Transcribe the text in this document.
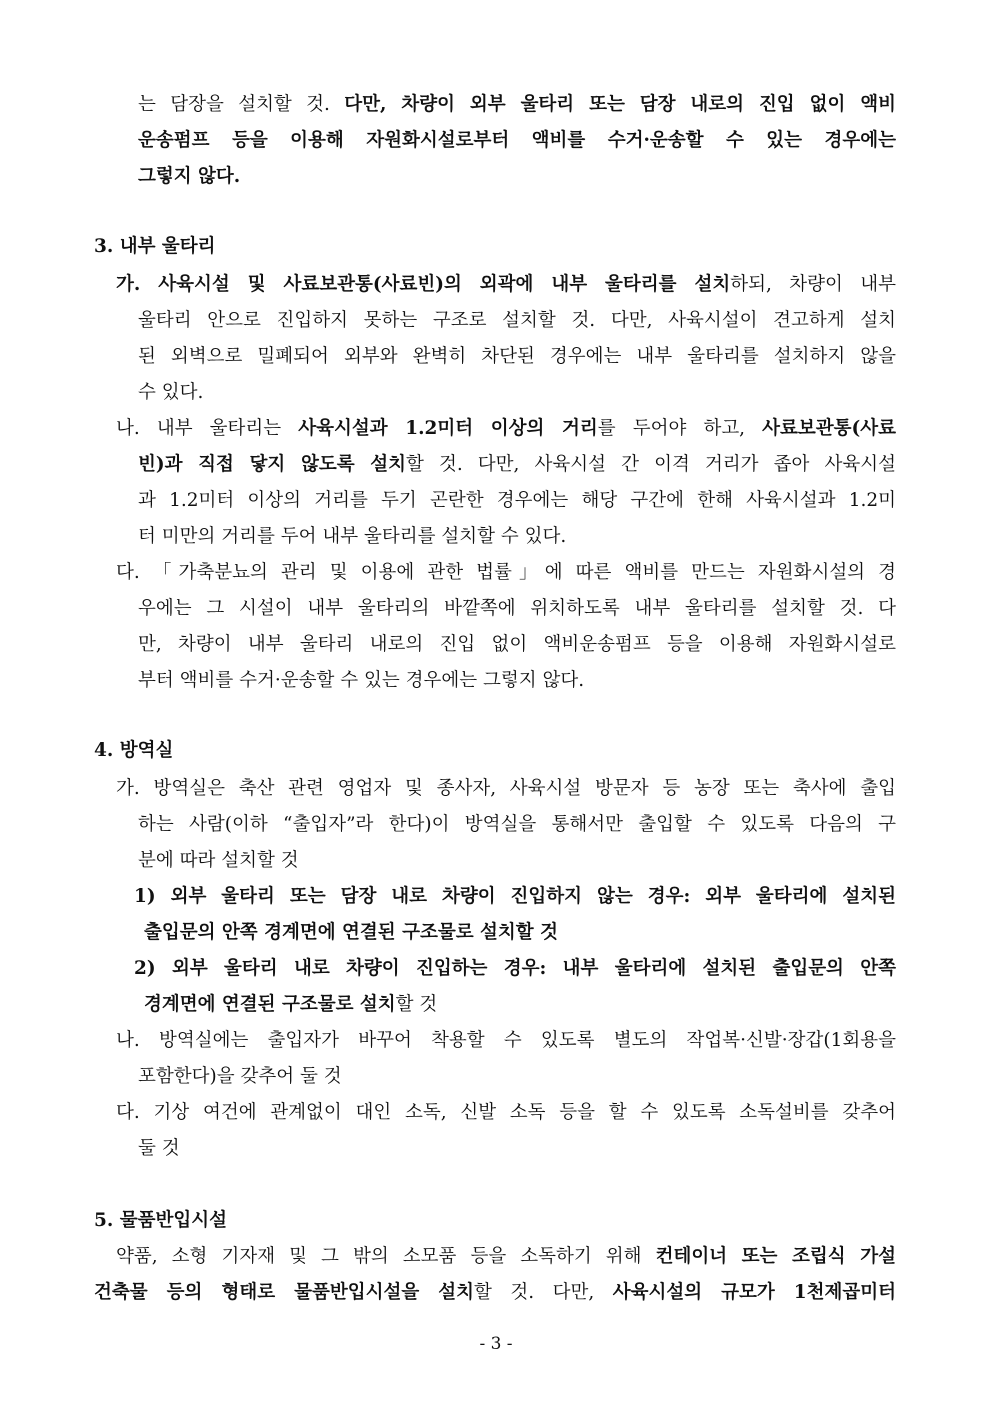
는 담장을 설치할 것. 다만, 차량이 외부 울타리 또는 담장 내로의 진입 없이 액비
운송펌프 등을 이용해 자원화시설로부터 액비를 수거·운송할 수 있는 경우에는
그렇지 않다.
3. 내부 울타리
가. 사육시설 및 사료보관통(사료빈)의 외곽에 내부 울타리를 설치하되, 차량이 내부
울타리 안으로 진입하지 못하는 구조로 설치할 것. 다만, 사육시설이 견고하게 설치
된 외벽으로 밀폐되어 외부와 완벽히 차단된 경우에는 내부 울타리를 설치하지 않을
수 있다.
나. 내부 울타리는 사육시설과 1.2미터 이상의 거리를 두어야 하고, 사료보관통(사료
빈)과 직접 닿지 않도록 설치할 것. 다만, 사육시설 간 이격 거리가 좁아 사육시설
과 1.2미터 이상의 거리를 두기 곤란한 경우에는 해당 구간에 한해 사육시설과 1.2미
터 미만의 거리를 두어 내부 울타리를 설치할 수 있다.
다. 「가축분뇨의 관리 및 이용에 관한 법률」에 따른 액비를 만드는 자원화시설의 경
우에는 그 시설이 내부 울타리의 바깥쪽에 위치하도록 내부 울타리를 설치할 것. 다
만, 차량이 내부 울타리 내로의 진입 없이 액비운송펌프 등을 이용해 자원화시설로
부터 액비를 수거·운송할 수 있는 경우에는 그렇지 않다.
4. 방역실
가. 방역실은 축산 관련 영업자 및 종사자, 사육시설 방문자 등 농장 또는 축사에 출입
하는 사람(이하 “출입자”라 한다)이 방역실을 통해서만 출입할 수 있도록 다음의 구
분에 따라 설치할 것
1) 외부 울타리 또는 담장 내로 차량이 진입하지 않는 경우: 외부 울타리에 설치된
출입문의 안쪽 경계면에 연결된 구조물로 설치할 것
2) 외부 울타리 내로 차량이 진입하는 경우: 내부 울타리에 설치된 출입문의 안쪽
경계면에 연결된 구조물로 설치할 것
나. 방역실에는 출입자가 바꾸어 착용할 수 있도록 별도의 작업복·신발·장갑(1회용을
포함한다)을 갖추어 둘 것
다. 기상 여건에 관계없이 대인 소독, 신발 소독 등을 할 수 있도록 소독설비를 갖추어
둘 것
5. 물품반입시설
약품, 소형 기자재 및 그 밖의 소모품 등을 소독하기 위해 컨테이너 또는 조립식 가설
건축물 등의 형태로 물품반입시설을 설치할 것. 다만, 사육시설의 규모가 1천제곱미터
- 3 -
